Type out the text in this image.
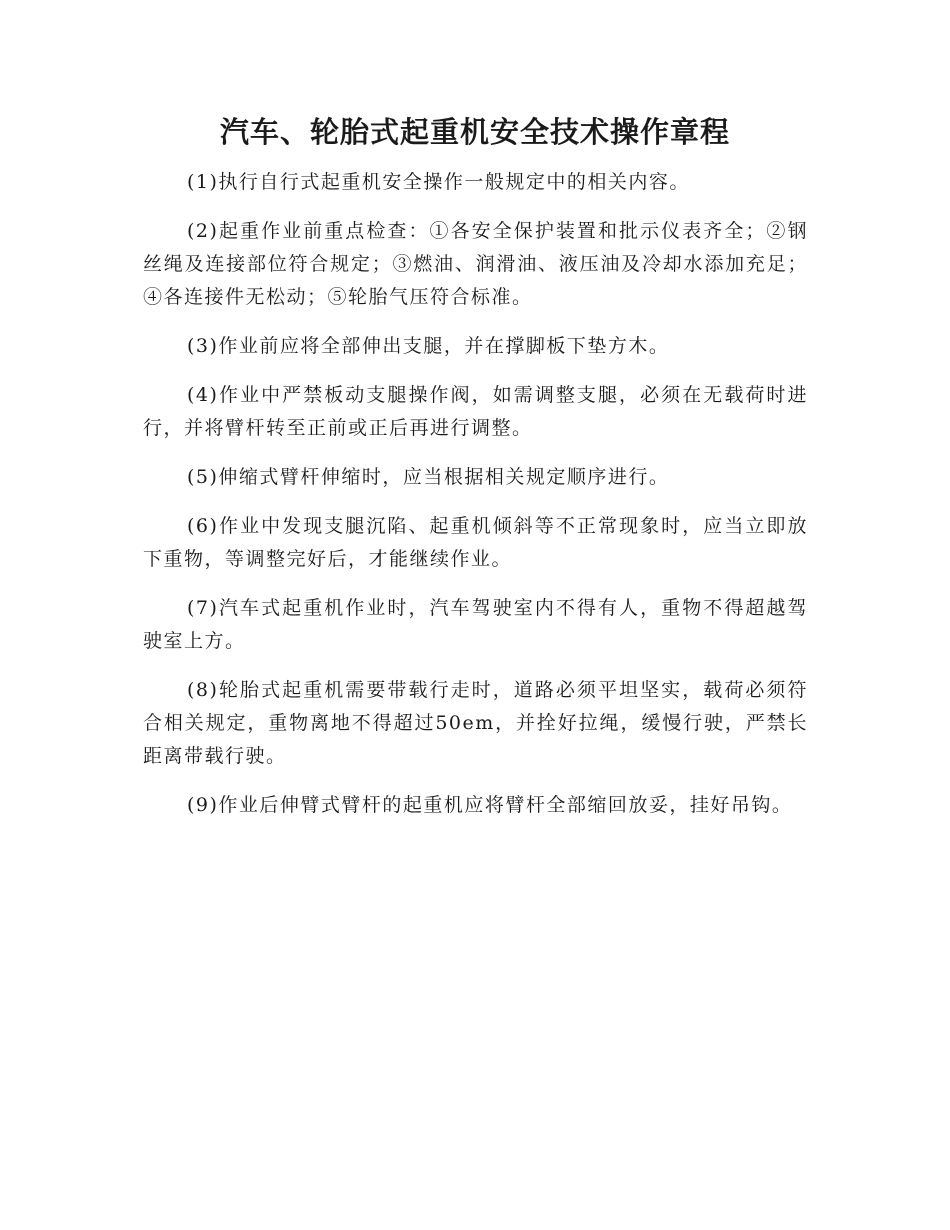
汽车、轮胎式起重机安全技术操作章程

(1)执行自行式起重机安全操作一般规定中的相关内容。

(2)起重作业前重点检查：①各安全保护装置和批示仪表齐全；②钢丝绳及连接部位符合规定；③燃油、润滑油、液压油及冷却水添加充足；④各连接件无松动；⑤轮胎气压符合标准。

(3)作业前应将全部伸出支腿，并在撑脚板下垫方木。

(4)作业中严禁板动支腿操作阀，如需调整支腿，必须在无载荷时进行，并将臂杆转至正前或正后再进行调整。

(5)伸缩式臂杆伸缩时，应当根据相关规定顺序进行。

(6)作业中发现支腿沉陷、起重机倾斜等不正常现象时，应当立即放下重物，等调整完好后，才能继续作业。

(7)汽车式起重机作业时，汽车驾驶室内不得有人，重物不得超越驾驶室上方。

(8)轮胎式起重机需要带载行走时，道路必须平坦坚实，载荷必须符合相关规定，重物离地不得超过50em，并拴好拉绳，缓慢行驶，严禁长距离带载行驶。

(9)作业后伸臂式臂杆的起重机应将臂杆全部缩回放妥，挂好吊钩。
